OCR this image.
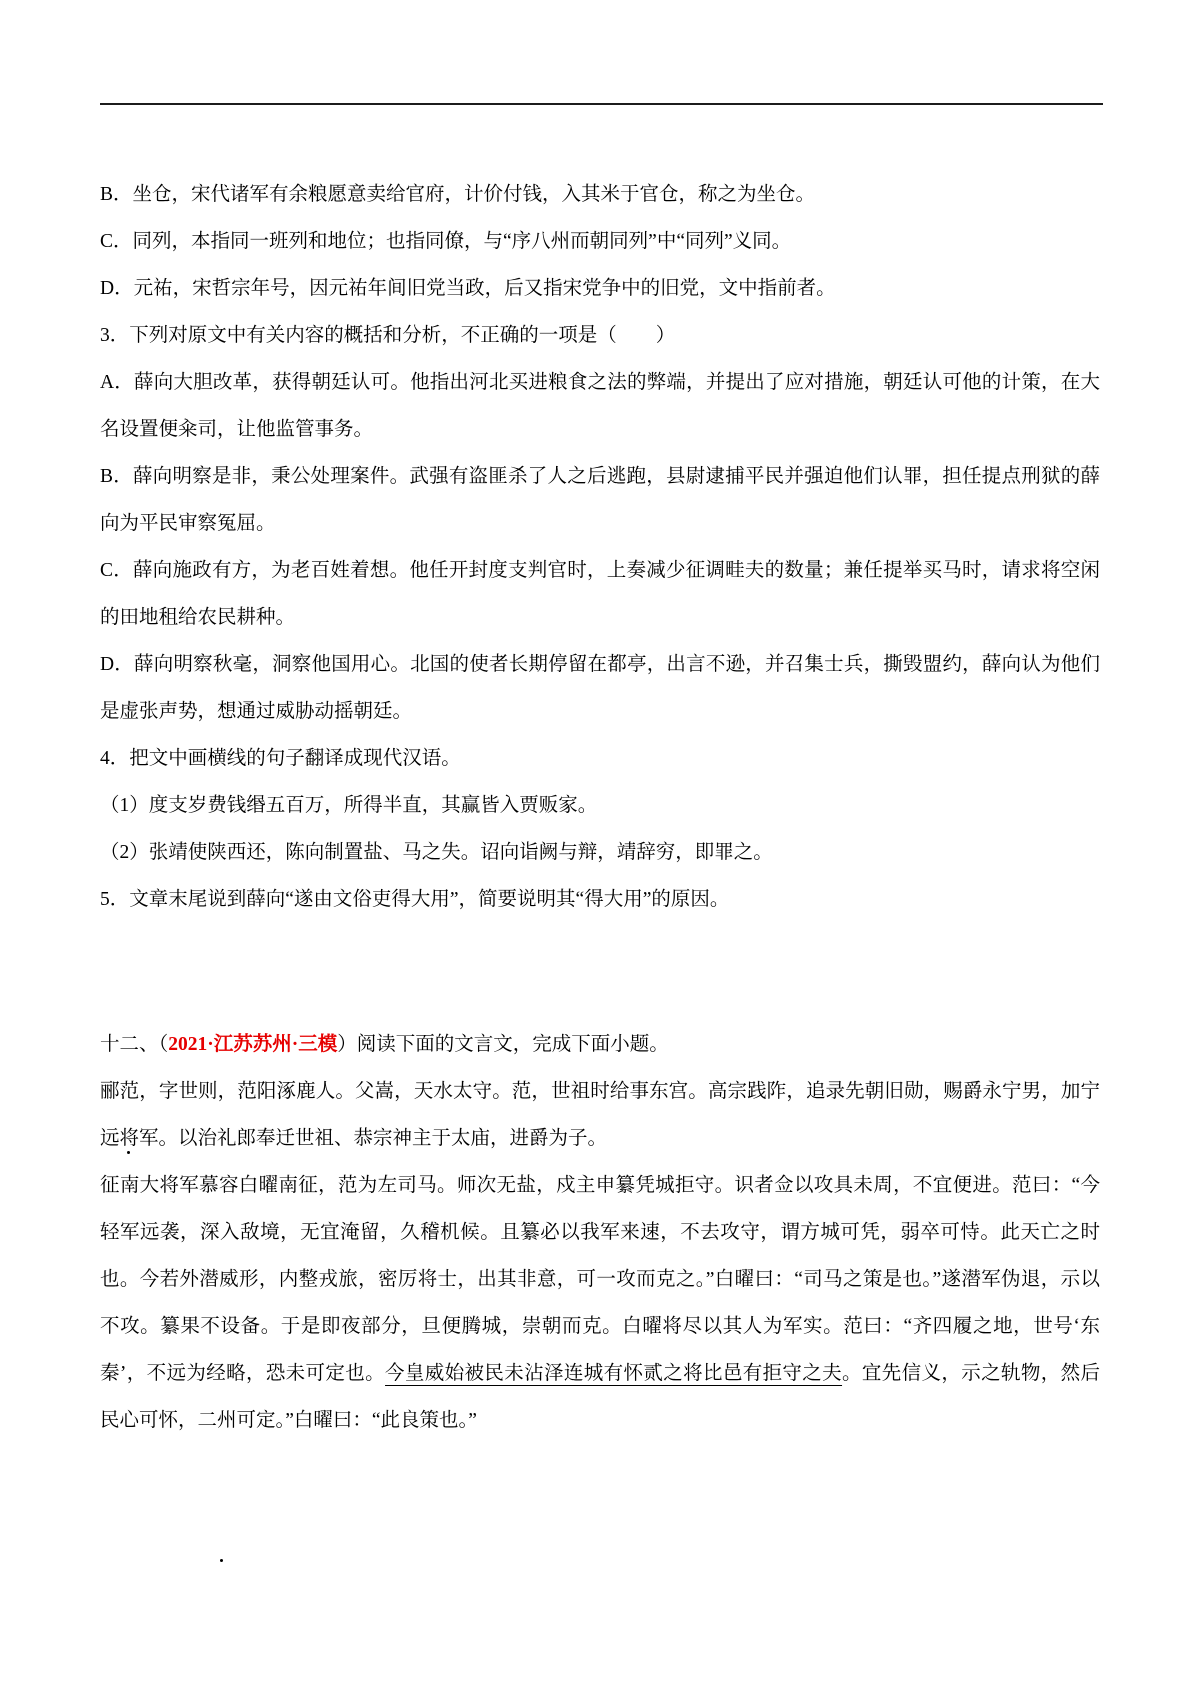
B．坐仓，宋代诸军有余粮愿意卖给官府，计价付钱，入其米于官仓，称之为坐仓。

C．同列，本指同一班列和地位；也指同僚，与“序八州而朝同列”中“同列”义同。

D．元祐，宋哲宗年号，因元祐年间旧党当政，后又指宋党争中的旧党，文中指前者。

3．下列对原文中有关内容的概括和分析，不正确的一项是（　　）

A．薛向大胆改革，获得朝廷认可。他指出河北买进粮食之法的弊端，并提出了应对措施，朝廷认可他的计策，在大名设置便籴司，让他监管事务。

B．薛向明察是非，秉公处理案件。武强有盗匪杀了人之后逃跑，县尉逮捕平民并强迫他们认罪，担任提点刑狱的薛向为平民审察冤屈。

C．薛向施政有方，为老百姓着想。他任开封度支判官时，上奏减少征调畦夫的数量；兼任提举买马时，请求将空闲的田地租给农民耕种。

D．薛向明察秋毫，洞察他国用心。北国的使者长期停留在都亭，出言不逊，并召集士兵，撕毁盟约，薛向认为他们是虚张声势，想通过威胁动摇朝廷。

4．把文中画横线的句子翻译成现代汉语。

（1）度支岁费钱缗五百万，所得半直，其赢皆入贾贩家。

（2）张靖使陕西还，陈向制置盐、马之失。诏向诣阙与辩，靖辞穷，即罪之。

5．文章末尾说到薛向“遂由文俗吏得大用”，简要说明其“得大用”的原因。

十二、（2021·江苏苏州·三模）阅读下面的文言文，完成下面小题。

郦范，字世则，范阳涿鹿人。父嵩，天水太守。范，世祖时给事东宫。高宗践阼，追录先朝旧勋，赐爵永宁男，加宁远将军。以治礼郎奉迁世祖、恭宗神主于太庙，进爵为子。

征南大将军慕容白曜南征，范为左司马。师次无盐，戍主申纂凭城拒守。识者佥以攻具未周，不宜便进。范曰：“今轻军远袭，深入敌境，无宜淹留，久稽机候。且纂必以我军来速，不去攻守，谓方城可凭，弱卒可恃。此天亡之时也。今若外潜威形，内整戎旅，密厉将士，出其非意，可一攻而克之。”白曜曰：“司马之策是也。”遂潜军伪退，示以不攻。纂果不设备。于是即夜部分，旦便腾城，崇朝而克。白曜将尽以其人为军实。范曰：“齐四履之地，世号‘东秦’，不远为经略，恐未可定也。今皇威始被民未沾泽连城有怀贰之将比邑有拒守之夫。宜先信义，示之轨物，然后民心可怀，二州可定。”白曜曰：“此良策也。”
